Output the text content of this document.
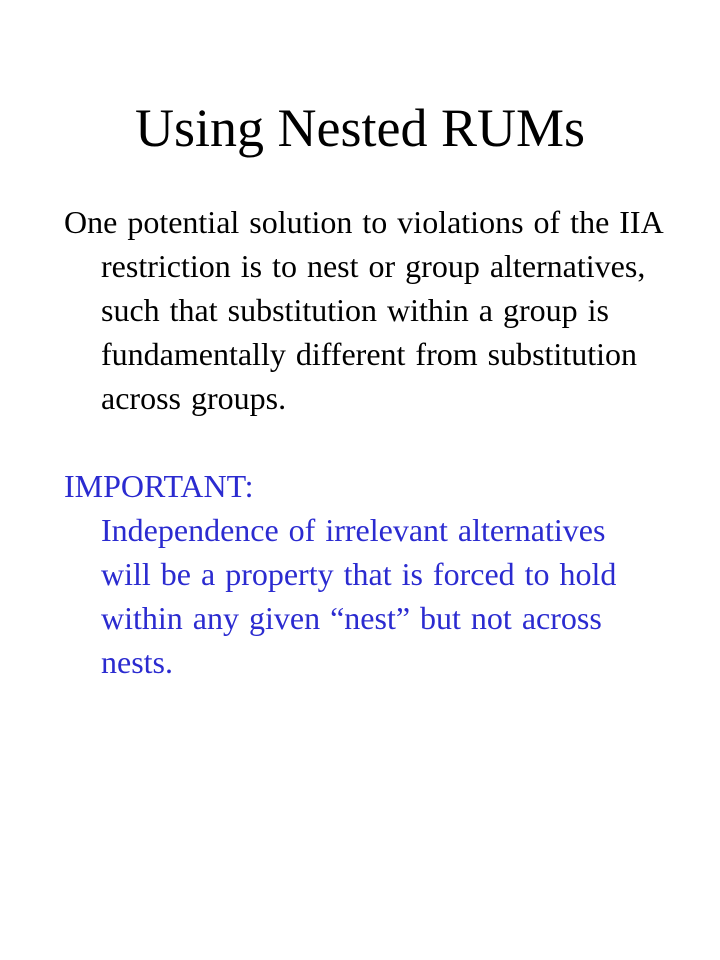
Using Nested RUMs

One potential solution to violations of the IIA restriction is to nest or group alternatives, such that substitution within a group is fundamentally different from substitution across groups.

IMPORTANT:

Independence of irrelevant alternatives will be a property that is forced to hold within any given “nest” but not across nests.
